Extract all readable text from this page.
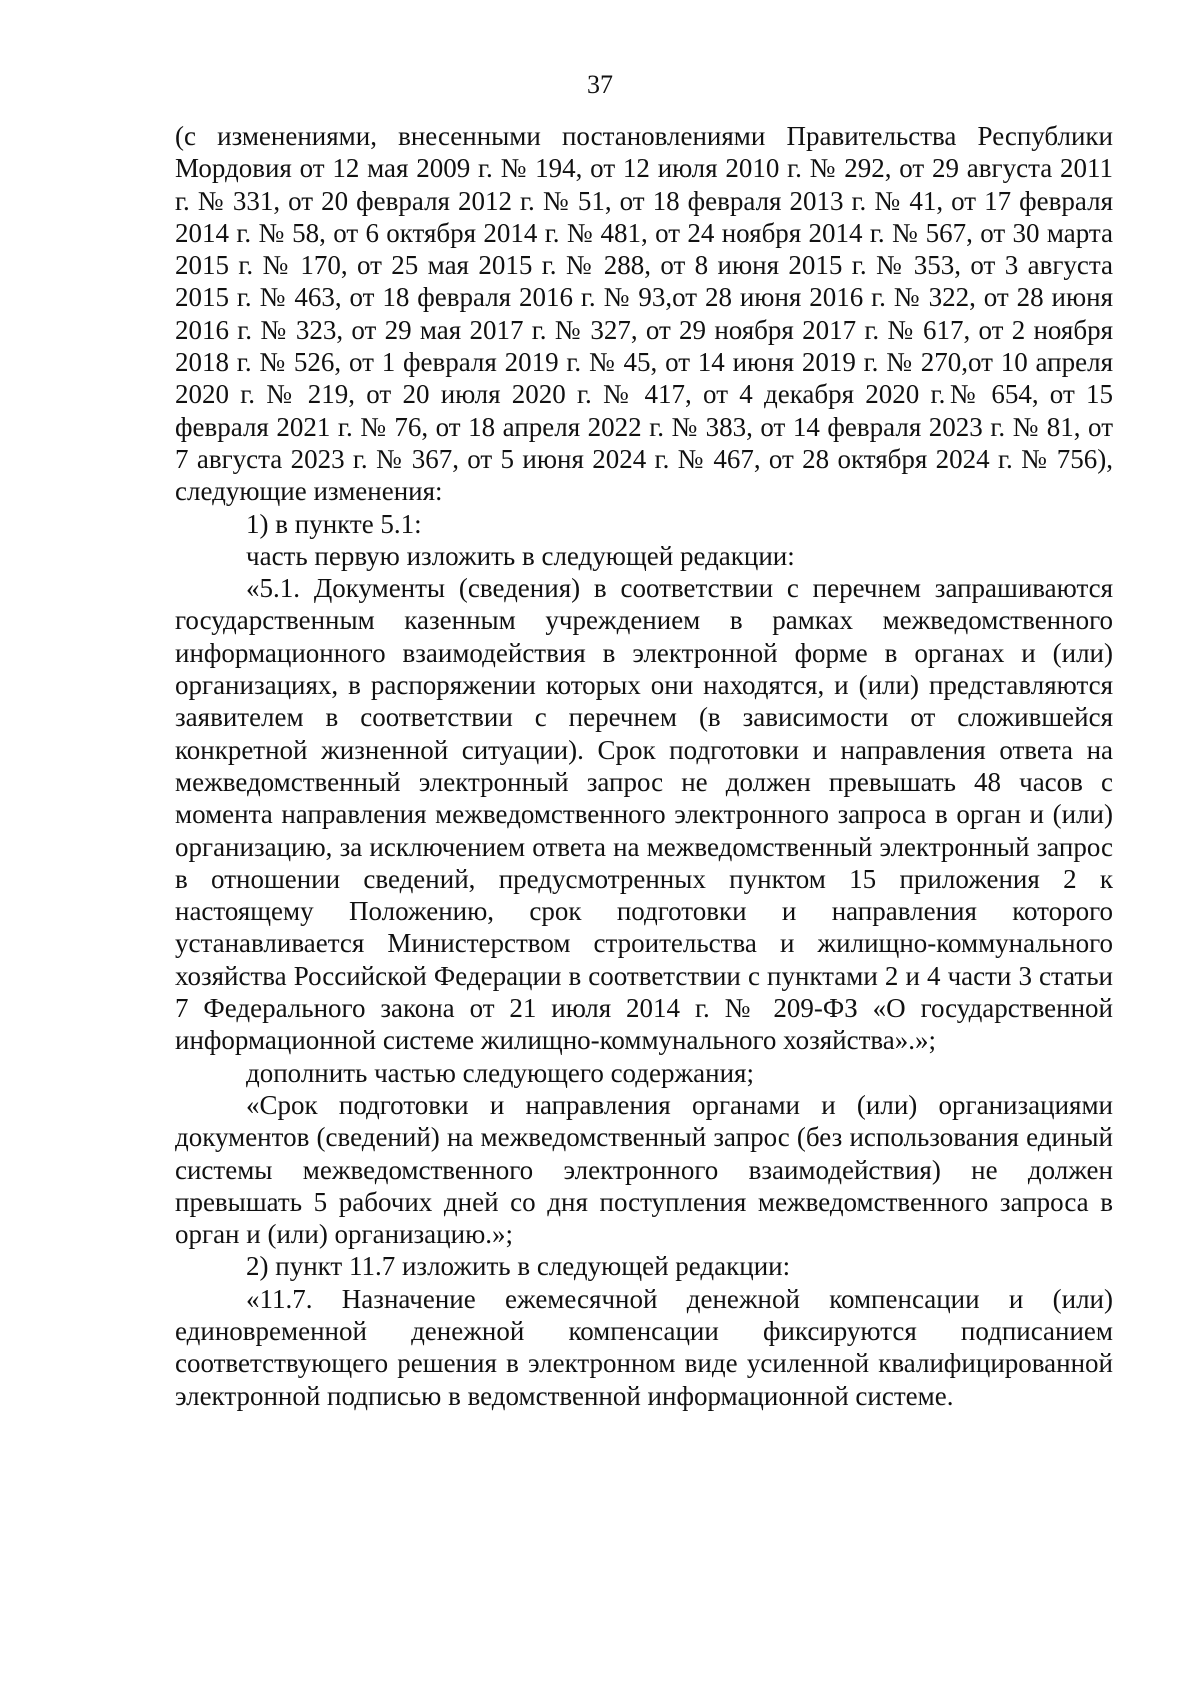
37

(с изменениями, внесенными постановлениями Правительства Республики Мордовия от 12 мая 2009 г. № 194, от 12 июля 2010 г. № 292, от 29 августа 2011 г. № 331, от 20 февраля 2012 г. № 51, от 18 февраля 2013 г. № 41, от 17 февраля 2014 г. № 58, от 6 октября 2014 г. № 481, от 24 ноября 2014 г. № 567, от 30 марта 2015 г. № 170, от 25 мая 2015 г. № 288, от 8 июня 2015 г. № 353, от 3 августа 2015 г. № 463, от 18 февраля 2016 г. № 93,от 28 июня 2016 г. № 322, от 28 июня 2016 г. № 323, от 29 мая 2017 г. № 327, от 29 ноября 2017 г. № 617, от 2 ноября 2018 г. № 526, от 1 февраля 2019 г. № 45, от 14 июня 2019 г. № 270,от 10 апреля 2020 г. № 219, от 20 июля 2020 г. № 417, от 4 декабря 2020 г.№ 654, от 15 февраля 2021 г. № 76, от 18 апреля 2022 г. № 383, от 14 февраля 2023 г. № 81, от 7 августа 2023 г. № 367, от 5 июня 2024 г. № 467, от 28 октября 2024 г. № 756), следующие изменения:

1) в пункте 5.1:

часть первую изложить в следующей редакции:

«5.1. Документы (сведения) в соответствии с перечнем запрашиваются государственным казенным учреждением в рамках межведомственного информационного взаимодействия в электронной форме в органах и (или) организациях, в распоряжении которых они находятся, и (или) представляются заявителем в соответствии с перечнем (в зависимости от сложившейся конкретной жизненной ситуации). Срок подготовки и направления ответа на межведомственный электронный запрос не должен превышать 48 часов с момента направления межведомственного электронного запроса в орган и (или) организацию, за исключением ответа на межведомственный электронный запрос в отношении сведений, предусмотренных пунктом 15 приложения 2 к настоящему Положению, срок подготовки и направления которого устанавливается Министерством строительства и жилищно-коммунального хозяйства Российской Федерации в соответствии с пунктами 2 и 4 части 3 статьи 7 Федерального закона от 21 июля 2014 г. № 209-ФЗ «О государственной информационной системе жилищно-коммунального хозяйства».»;

дополнить частью следующего содержания;

«Срок подготовки и направления органами и (или) организациями документов (сведений) на межведомственный запрос (без использования единый системы межведомственного электронного взаимодействия) не должен превышать 5 рабочих дней со дня поступления межведомственного запроса в орган и (или) организацию.»;

2) пункт 11.7 изложить в следующей редакции:

«11.7. Назначение ежемесячной денежной компенсации и (или) единовременной денежной компенсации фиксируются подписанием соответствующего решения в электронном виде усиленной квалифицированной электронной подписью в ведомственной информационной системе.
